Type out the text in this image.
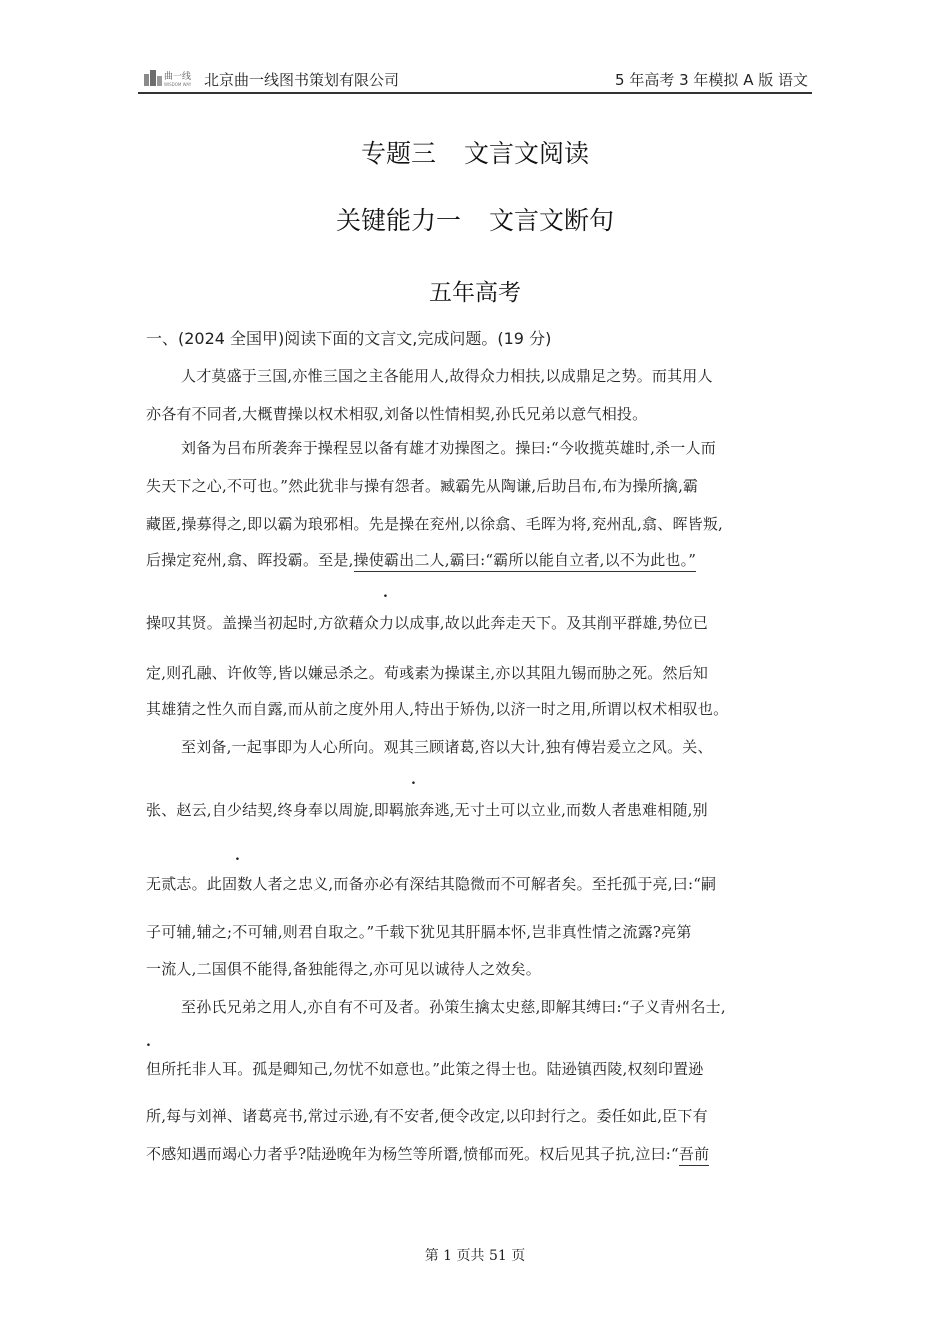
曲一线
WISDOM WAY 北京曲一线图书策划有限公司	5 年高考 3 年模拟 A 版 语文
专题三 文言文阅读
关键能力一 文言文断句
五年高考
一、(2024 全国甲)阅读下面的文言文,完成问题。(19 分)
人才莫盛于三国,亦惟三国之主各能用人,故得众力相扶,以成鼎足之势。而其用人
亦各有不同者,大概曹操以权术相驭,刘备以性情相契,孙氏兄弟以意气相投。
刘备为吕布所袭奔于操程昱以备有雄才劝操图之。操曰:“今收揽英雄时,杀一人而
失天下之心,不可也。”然此犹非与操有怨者。臧霸先从陶谦,后助吕布,布为操所擒,霸
藏匿,操募得之,即以霸为琅邪相。先是操在兖州,以徐翕、毛晖为将,兖州乱,翕、晖皆叛,
后操定兖州,翕、晖投霸。至是,操使霸出二人,霸曰:“霸所以能自立者,以不为此也。”
.
操叹其贤。盖操当初起时,方欲藉众力以成事,故以此奔走天下。及其削平群雄,势位已
定,则孔融、许攸等,皆以嫌忌杀之。荀彧素为操谋主,亦以其阻九锡而胁之死。然后知
其雄猜之性久而自露,而从前之度外用人,特出于矫伪,以济一时之用,所谓以权术相驭也。
至刘备,一起事即为人心所向。观其三顾诸葛,咨以大计,独有傅岩爰立之风。关、
.
张、赵云,自少结契,终身奉以周旋,即羁旅奔逃,无寸土可以立业,而数人者患难相随,别
.
无贰志。此固数人者之忠义,而备亦必有深结其隐微而不可解者矣。至托孤于亮,曰:“嗣
子可辅,辅之;不可辅,则君自取之。”千载下犹见其肝膈本怀,岂非真性情之流露?亮第
一流人,二国俱不能得,备独能得之,亦可见以诚待人之效矣。
至孙氏兄弟之用人,亦自有不可及者。孙策生擒太史慈,即解其缚曰:“子义青州名士,
.
但所托非人耳。孤是卿知己,勿忧不如意也。”此策之得士也。陆逊镇西陵,权刻印置逊
所,每与刘禅、诸葛亮书,常过示逊,有不安者,便令改定,以印封行之。委任如此,臣下有
不感知遇而竭心力者乎?陆逊晚年为杨竺等所谮,愤郁而死。权后见其子抗,泣曰:“吾前
第 1 页共 51 页
